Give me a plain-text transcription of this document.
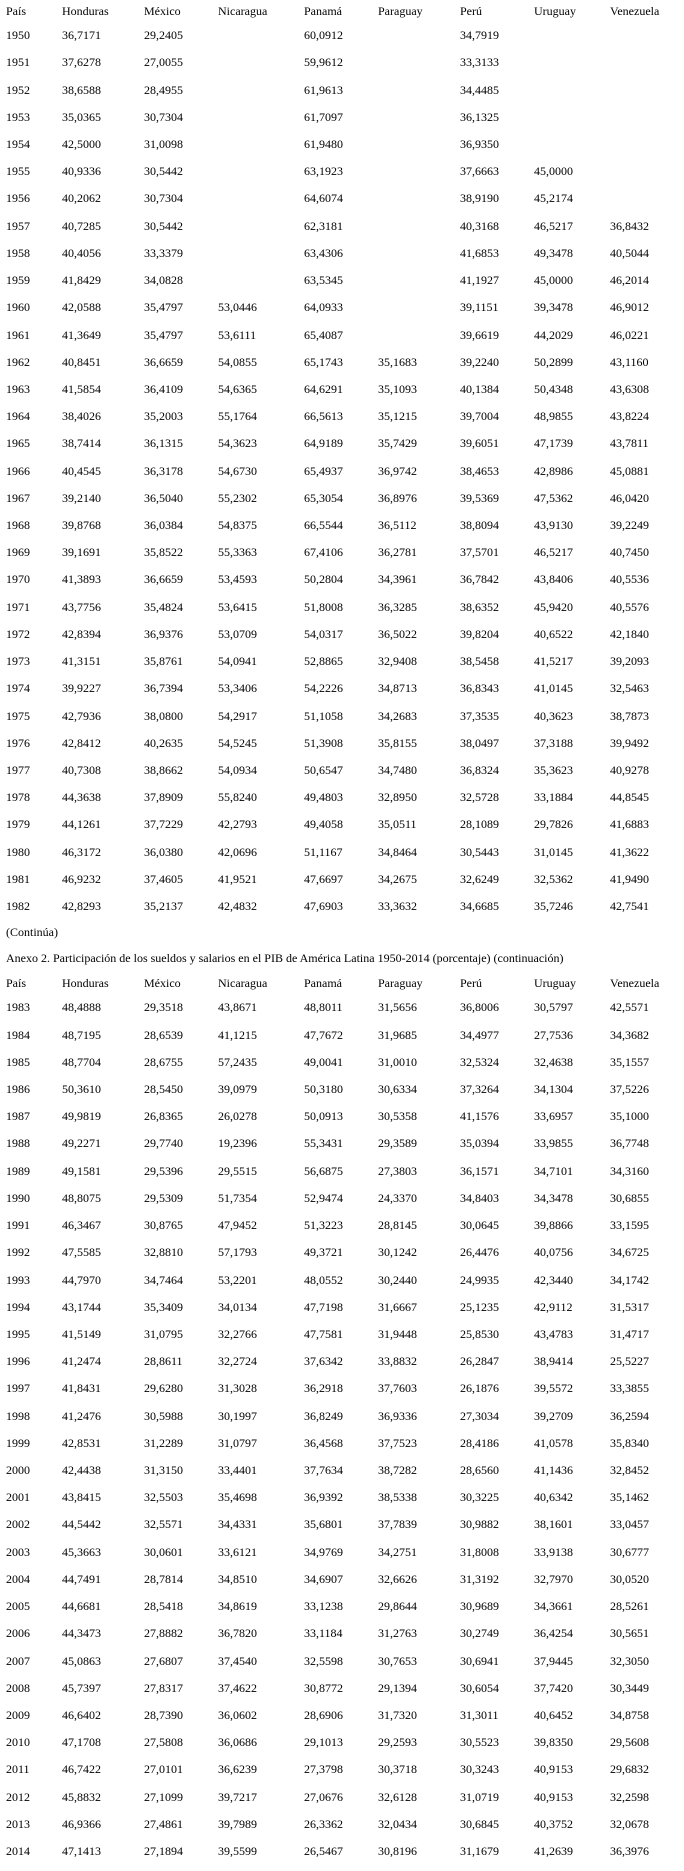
País	Honduras	México	Nicaragua	Panamá	Paraguay	Perú	Uruguay	Venezuela
1950	36,7171	29,2405		60,0912		34,7919		
1951	37,6278	27,0055		59,9612		33,3133		
1952	38,6588	28,4955		61,9613		34,4485		
1953	35,0365	30,7304		61,7097		36,1325		
1954	42,5000	31,0098		61,9480		36,9350		
1955	40,9336	30,5442		63,1923		37,6663	45,0000	
1956	40,2062	30,7304		64,6074		38,9190	45,2174	
1957	40,7285	30,5442		62,3181		40,3168	46,5217	36,8432
1958	40,4056	33,3379		63,4306		41,6853	49,3478	40,5044
1959	41,8429	34,0828		63,5345		41,1927	45,0000	46,2014
1960	42,0588	35,4797	53,0446	64,0933		39,1151	39,3478	46,9012
1961	41,3649	35,4797	53,6111	65,4087		39,6619	44,2029	46,0221
1962	40,8451	36,6659	54,0855	65,1743	35,1683	39,2240	50,2899	43,1160
1963	41,5854	36,4109	54,6365	64,6291	35,1093	40,1384	50,4348	43,6308
1964	38,4026	35,2003	55,1764	66,5613	35,1215	39,7004	48,9855	43,8224
1965	38,7414	36,1315	54,3623	64,9189	35,7429	39,6051	47,1739	43,7811
1966	40,4545	36,3178	54,6730	65,4937	36,9742	38,4653	42,8986	45,0881
1967	39,2140	36,5040	55,2302	65,3054	36,8976	39,5369	47,5362	46,0420
1968	39,8768	36,0384	54,8375	66,5544	36,5112	38,8094	43,9130	39,2249
1969	39,1691	35,8522	55,3363	67,4106	36,2781	37,5701	46,5217	40,7450
1970	41,3893	36,6659	53,4593	50,2804	34,3961	36,7842	43,8406	40,5536
1971	43,7756	35,4824	53,6415	51,8008	36,3285	38,6352	45,9420	40,5576
1972	42,8394	36,9376	53,0709	54,0317	36,5022	39,8204	40,6522	42,1840
1973	41,3151	35,8761	54,0941	52,8865	32,9408	38,5458	41,5217	39,2093
1974	39,9227	36,7394	53,3406	54,2226	34,8713	36,8343	41,0145	32,5463
1975	42,7936	38,0800	54,2917	51,1058	34,2683	37,3535	40,3623	38,7873
1976	42,8412	40,2635	54,5245	51,3908	35,8155	38,0497	37,3188	39,9492
1977	40,7308	38,8662	54,0934	50,6547	34,7480	36,8324	35,3623	40,9278
1978	44,3638	37,8909	55,8240	49,4803	32,8950	32,5728	33,1884	44,8545
1979	44,1261	37,7229	42,2793	49,4058	35,0511	28,1089	29,7826	41,6883
1980	46,3172	36,0380	42,0696	51,1167	34,8464	30,5443	31,0145	41,3622
1981	46,9232	37,4605	41,9521	47,6697	34,2675	32,6249	32,5362	41,9490
1982	42,8293	35,2137	42,4832	47,6903	33,3632	34,6685	35,7246	42,7541
(Continúa)
Anexo 2. Participación de los sueldos y salarios en el PIB de América Latina 1950-2014 (porcentaje) (continuación)
País	Honduras	México	Nicaragua	Panamá	Paraguay	Perú	Uruguay	Venezuela
1983	48,4888	29,3518	43,8671	48,8011	31,5656	36,8006	30,5797	42,5571
1984	48,7195	28,6539	41,1215	47,7672	31,9685	34,4977	27,7536	34,3682
1985	48,7704	28,6755	57,2435	49,0041	31,0010	32,5324	32,4638	35,1557
1986	50,3610	28,5450	39,0979	50,3180	30,6334	37,3264	34,1304	37,5226
1987	49,9819	26,8365	26,0278	50,0913	30,5358	41,1576	33,6957	35,1000
1988	49,2271	29,7740	19,2396	55,3431	29,3589	35,0394	33,9855	36,7748
1989	49,1581	29,5396	29,5515	56,6875	27,3803	36,1571	34,7101	34,3160
1990	48,8075	29,5309	51,7354	52,9474	24,3370	34,8403	34,3478	30,6855
1991	46,3467	30,8765	47,9452	51,3223	28,8145	30,0645	39,8866	33,1595
1992	47,5585	32,8810	57,1793	49,3721	30,1242	26,4476	40,0756	34,6725
1993	44,7970	34,7464	53,2201	48,0552	30,2440	24,9935	42,3440	34,1742
1994	43,1744	35,3409	34,0134	47,7198	31,6667	25,1235	42,9112	31,5317
1995	41,5149	31,0795	32,2766	47,7581	31,9448	25,8530	43,4783	31,4717
1996	41,2474	28,8611	32,2724	37,6342	33,8832	26,2847	38,9414	25,5227
1997	41,8431	29,6280	31,3028	36,2918	37,7603	26,1876	39,5572	33,3855
1998	41,2476	30,5988	30,1997	36,8249	36,9336	27,3034	39,2709	36,2594
1999	42,8531	31,2289	31,0797	36,4568	37,7523	28,4186	41,0578	35,8340
2000	42,4438	31,3150	33,4401	37,7634	38,7282	28,6560	41,1436	32,8452
2001	43,8415	32,5503	35,4698	36,9392	38,5338	30,3225	40,6342	35,1462
2002	44,5442	32,5571	34,4331	35,6801	37,7839	30,9882	38,1601	33,0457
2003	45,3663	30,0601	33,6121	34,9769	34,2751	31,8008	33,9138	30,6777
2004	44,7491	28,7814	34,8510	34,6907	32,6626	31,3192	32,7970	30,0520
2005	44,6681	28,5418	34,8619	33,1238	29,8644	30,9689	34,3661	28,5261
2006	44,3473	27,8882	36,7820	33,1184	31,2763	30,2749	36,4254	30,5651
2007	45,0863	27,6807	37,4540	32,5598	30,7653	30,6941	37,9445	32,3050
2008	45,7397	27,8317	37,4622	30,8772	29,1394	30,6054	37,7420	30,3449
2009	46,6402	28,7390	36,0602	28,6906	31,7320	31,3011	40,6452	34,8758
2010	47,1708	27,5808	36,0686	29,1013	29,2593	30,5523	39,8350	29,5608
2011	46,7422	27,0101	36,6239	27,3798	30,3718	30,3243	40,9153	29,6832
2012	45,8832	27,1099	39,7217	27,0676	32,6128	31,0719	40,9153	32,2598
2013	46,9366	27,4861	39,7989	26,3362	32,0434	30,6845	40,3752	32,0678
2014	47,1413	27,1894	39,5599	26,5467	30,8196	31,1679	41,2639	36,3976
